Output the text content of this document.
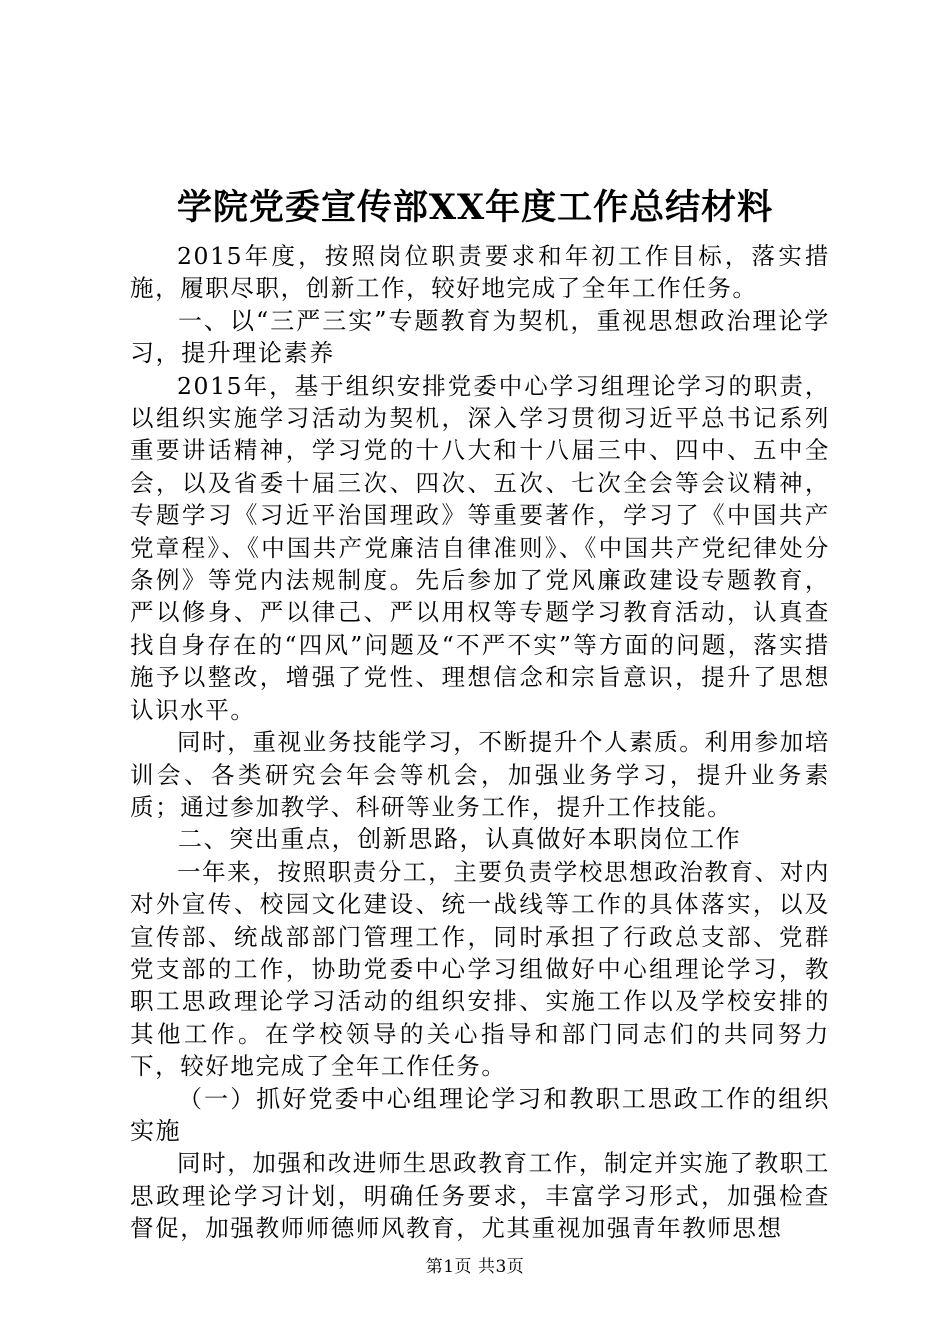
学院党委宣传部XX年度工作总结材料

2015年度，按照岗位职责要求和年初工作目标，落实措施，履职尽职，创新工作，较好地完成了全年工作任务。

一、以“三严三实”专题教育为契机，重视思想政治理论学习，提升理论素养

2015年，基于组织安排党委中心学习组理论学习的职责，以组织实施学习活动为契机，深入学习贯彻习近平总书记系列重要讲话精神，学习党的十八大和十八届三中、四中、五中全会，以及省委十届三次、四次、五次、七次全会等会议精神，专题学习《习近平治国理政》等重要著作，学习了《中国共产党章程》、《中国共产党廉洁自律准则》、《中国共产党纪律处分条例》等党内法规制度。先后参加了党风廉政建设专题教育，严以修身、严以律己、严以用权等专题学习教育活动，认真查找自身存在的“四风”问题及“不严不实”等方面的问题，落实措施予以整改，增强了党性、理想信念和宗旨意识，提升了思想认识水平。

同时，重视业务技能学习，不断提升个人素质。利用参加培训会、各类研究会年会等机会，加强业务学习，提升业务素质；通过参加教学、科研等业务工作，提升工作技能。

二、突出重点，创新思路，认真做好本职岗位工作

一年来，按照职责分工，主要负责学校思想政治教育、对内对外宣传、校园文化建设、统一战线等工作的具体落实，以及宣传部、统战部部门管理工作，同时承担了行政总支部、党群党支部的工作，协助党委中心学习组做好中心组理论学习，教职工思政理论学习活动的组织安排、实施工作以及学校安排的其他工作。在学校领导的关心指导和部门同志们的共同努力下，较好地完成了全年工作任务。

（一）抓好党委中心组理论学习和教职工思政工作的组织实施

同时，加强和改进师生思政教育工作，制定并实施了教职工思政理论学习计划，明确任务要求，丰富学习形式，加强检查督促，加强教师师德师风教育，尤其重视加强青年教师思想

第1页 共3页
